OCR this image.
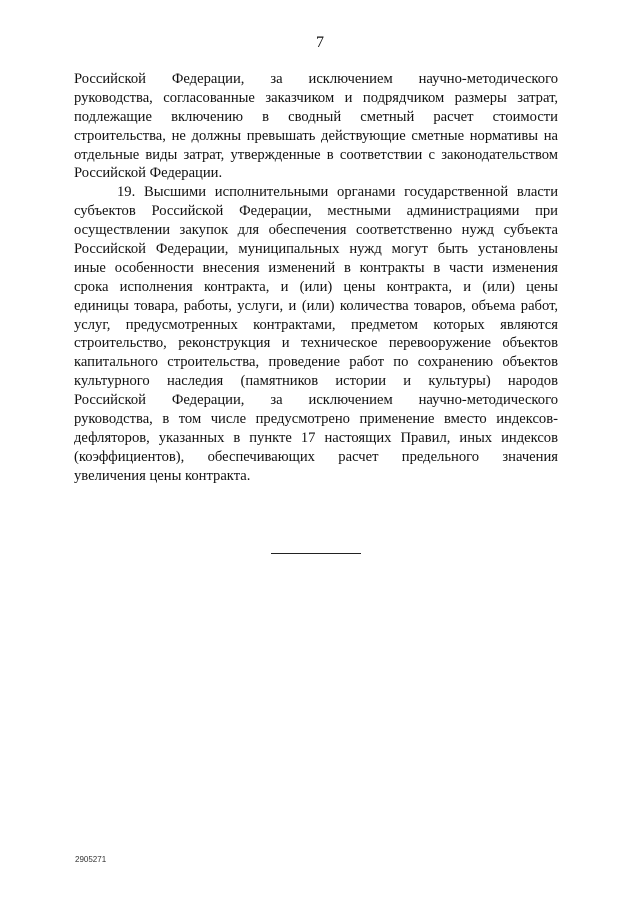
7
Российской Федерации, за исключением научно-методического
руководства, согласованные заказчиком и подрядчиком размеры затрат,
подлежащие включению в сводный сметный расчет стоимости
строительства, не должны превышать действующие сметные нормативы на
отдельные виды затрат, утвержденные в соответствии с законодательством
Российской Федерации.
19. Высшими исполнительными органами государственной власти
субъектов Российской Федерации, местными администрациями при
осуществлении закупок для обеспечения соответственно нужд субъекта
Российской Федерации, муниципальных нужд могут быть установлены
иные особенности внесения изменений в контракты в части изменения
срока исполнения контракта, и (или) цены контракта, и (или) цены
единицы товара, работы, услуги, и (или) количества товаров, объема работ,
услуг, предусмотренных контрактами, предметом которых являются
строительство, реконструкция и техническое перевооружение объектов
капитального строительства, проведение работ по сохранению объектов
культурного наследия (памятников истории и культуры) народов
Российской Федерации, за исключением научно-методического
руководства, в том числе предусмотрено применение вместо индексов-
дефляторов, указанных в пункте 17 настоящих Правил, иных индексов
(коэффициентов), обеспечивающих расчет предельного значения
увеличения цены контракта.
2905271
